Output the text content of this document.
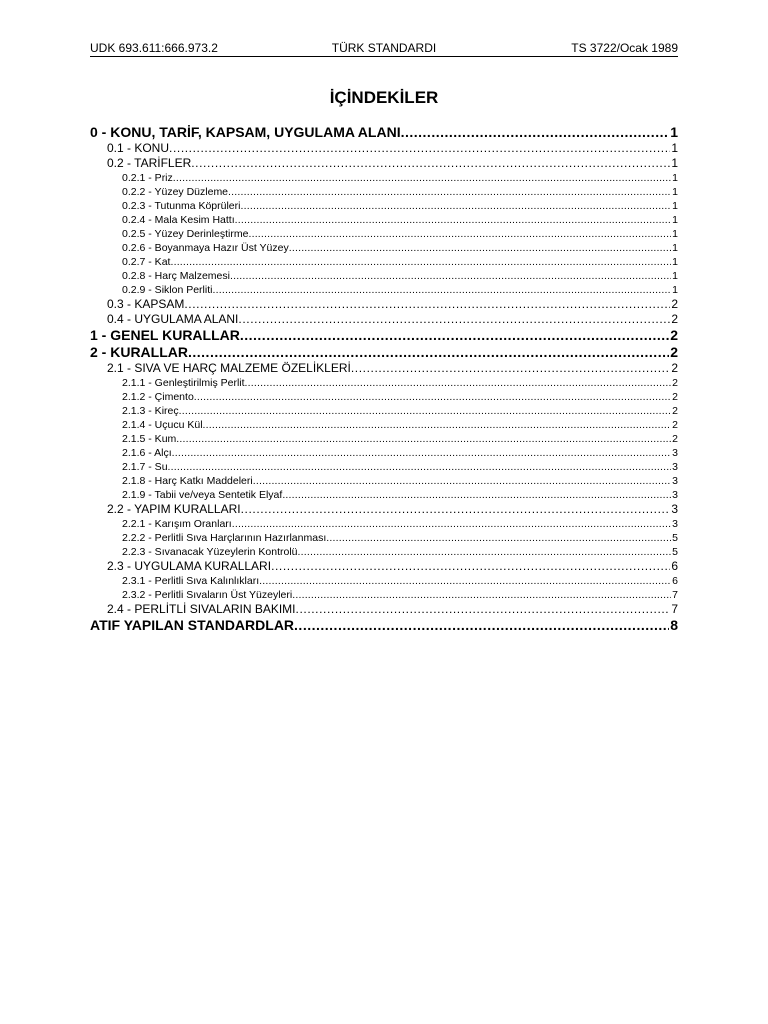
UDK 693.611:666.973.2	TÜRK STANDARDI	TS 3722/Ocak 1989
İÇİNDEKİLER
0 - KONU, TARİF, KAPSAM, UYGULAMA ALANI .....	1
0.1 - KONU .....	1
0.2 - TARİFLER .....	1
0.2.1 - Priz .....	1
0.2.2 - Yüzey Düzleme .....	1
0.2.3 - Tutunma Köprüleri .....	1
0.2.4 - Mala Kesim Hattı .....	1
0.2.5 - Yüzey Derinleştirme .....	1
0.2.6 - Boyanmaya Hazır Üst Yüzey .....	1
0.2.7 - Kat .....	1
0.2.8 - Harç Malzemesi .....	1
0.2.9 - Siklon Perliti .....	1
0.3 - KAPSAM .....	2
0.4 - UYGULAMA ALANI .....	2
1 - GENEL KURALLAR .....	2
2 - KURALLAR .....	2
2.1 - SIVA VE HARÇ MALZEME ÖZELİKLERİ .....	2
2.1.1 - Genleştirilmiş Perlit .....	2
2.1.2 - Çimento .....	2
2.1.3 - Kireç .....	2
2.1.4 - Uçucu Kül .....	2
2.1.5 - Kum .....	2
2.1.6 - Alçı .....	3
2.1.7 - Su .....	3
2.1.8 - Harç Katkı Maddeleri .....	3
2.1.9 - Tabii ve/veya Sentetik Elyaf .....	3
2.2 - YAPIM KURALLARI .....	3
2.2.1 - Karışım Oranları .....	3
2.2.2 - Perlitli Sıva Harçlarının Hazırlanması .....	5
2.2.3 - Sıvanacak Yüzeylerin Kontrolü .....	5
2.3 - UYGULAMA KURALLARI .....	6
2.3.1 - Perlitli Sıva Kalınlıkları .....	6
2.3.2 - Perlitli Sıvaların Üst Yüzeyleri .....	7
2.4 - PERLİTLİ SIVALARIN BAKIMI .....	7
ATIF YAPILAN STANDARDLAR .....	8
